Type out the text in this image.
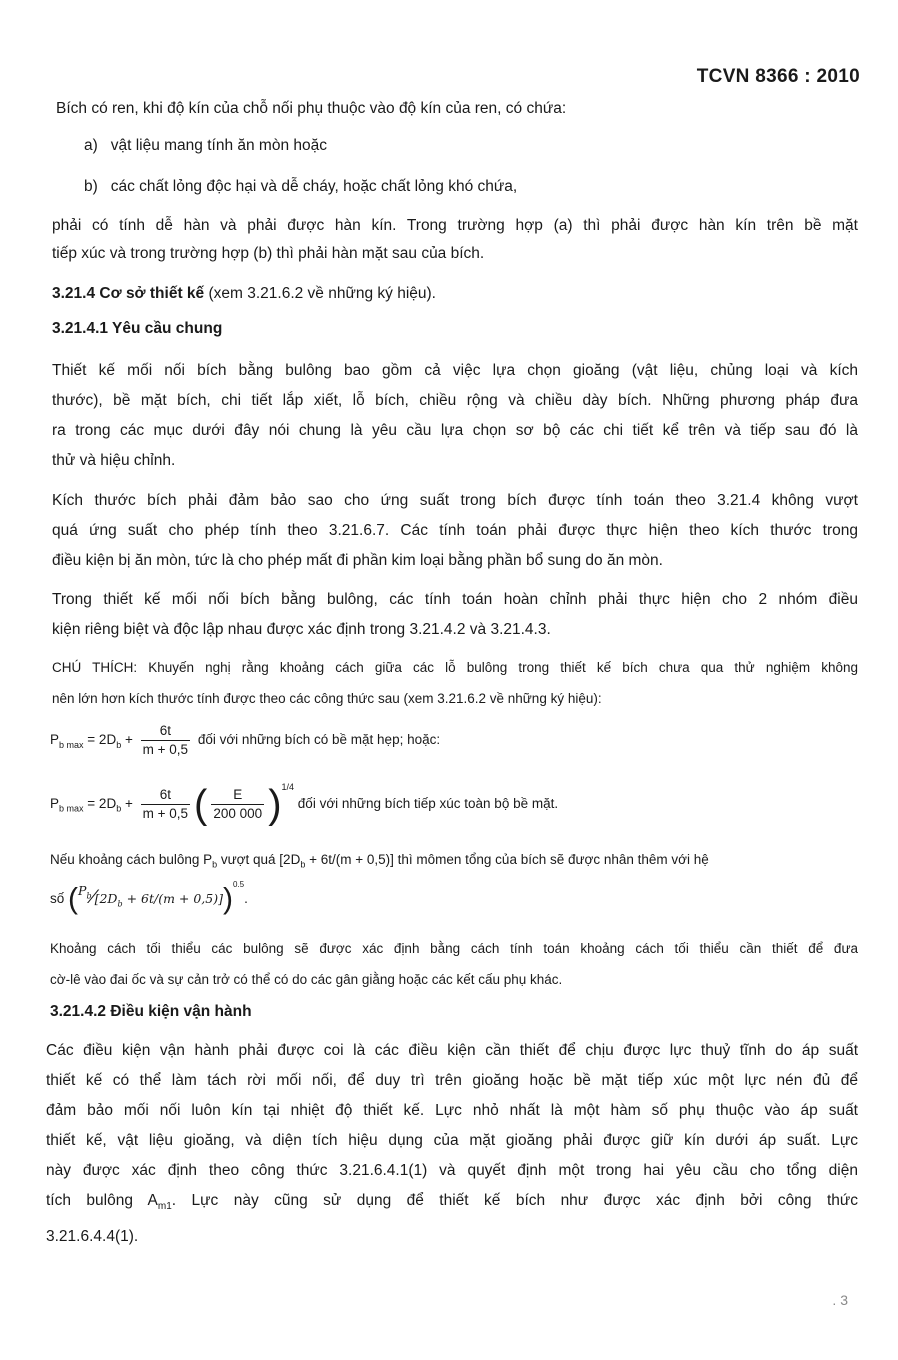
TCVN 8366 : 2010

Bích có ren, khi độ kín của chỗ nối phụ thuộc vào độ kín của ren, có chứa:

a) vật liệu mang tính ăn mòn hoặc
b) các chất lỏng độc hại và dễ cháy, hoặc chất lỏng khó chứa,

phải có tính dễ hàn và phải được hàn kín. Trong trường hợp (a) thì phải được hàn kín trên bề mặt

tiếp xúc và trong trường hợp (b) thì phải hàn mặt sau của bích.

3.21.4 Cơ sở thiết kế (xem 3.21.6.2 về những ký hiệu).

3.21.4.1 Yêu cầu chung

Thiết kế mối nối bích bằng bulông bao gồm cả việc lựa chọn gioăng (vật liệu, chủng loại và kích

thước), bề mặt bích, chi tiết lắp xiết, lỗ bích, chiều rộng và chiều dày bích. Những phương pháp đưa

ra trong các mục dưới đây nói chung là yêu cầu lựa chọn sơ bộ các chi tiết kể trên và tiếp sau đó là

thử và hiệu chỉnh.

Kích thước bích phải đảm bảo sao cho ứng suất trong bích được tính toán theo 3.21.4 không vượt

quá ứng suất cho phép tính theo 3.21.6.7. Các tính toán phải được thực hiện theo kích thước trong

điều kiện bị ăn mòn, tức là cho phép mất đi phần kim loại bằng phần bổ sung do ăn mòn.

Trong thiết kế mối nối bích bằng bulông, các tính toán hoàn chỉnh phải thực hiện cho 2 nhóm điều

kiện riêng biệt và độc lập nhau được xác định trong 3.21.4.2 và 3.21.4.3.

CHÚ THÍCH: Khuyến nghị rằng khoảng cách giữa các lỗ bulông trong thiết kế bích chưa qua thử nghiệm không

nên lớn hơn kích thước tính được theo các công thức sau (xem 3.21.6.2 về những ký hiệu):

$P_{b max} = 2D_b + \frac{6t}{m + 0,5}$ đối với những bích có bề mặt hẹp; hoặc:
$P_{b max} = 2D_b + \frac{6t}{m + 0,5}$ ( $\frac{E}{200 000} )^{1/4}$ đối với những bích tiếp xúc toàn bộ bề mặt.

Nếu khoảng cách bulông $P_b$ vượt quá $[2D_b + 6t/(m + 0,5)]$ thì mômen tổng của bích sẽ được nhân thêm với hệ

số $(P_b⁄[2D_b + 6t/(m + 0,5)])^{0.5}$.

Khoảng cách tối thiểu các bulông sẽ được xác định bằng cách tính toán khoảng cách tối thiểu cần thiết để đưa

cờ-lê vào đai ốc và sự cản trở có thể có do các gân giằng hoặc các kết cấu phụ khác.

3.21.4.2 Điều kiện vận hành

Các điều kiện vận hành phải được coi là các điều kiện cần thiết để chịu được lực thuỷ tĩnh do áp suất

thiết kế có thể làm tách rời mối nối, để duy trì trên gioăng hoặc bề mặt tiếp xúc một lực nén đủ để

đảm bảo mối nối luôn kín tại nhiệt độ thiết kế. Lực nhỏ nhất là một hàm số phụ thuộc vào áp suất

thiết kế, vật liệu gioăng, và diện tích hiệu dụng của mặt gioăng phải được giữ kín dưới áp suất. Lực

này được xác định theo công thức 3.21.6.4.1(1) và quyết định một trong hai yêu cầu cho tổng diện

tích bulông $A_{m1}$. Lực này cũng sử dụng để thiết kế bích như được xác định bởi công thức

3.21.6.4.4(1).

. 3
